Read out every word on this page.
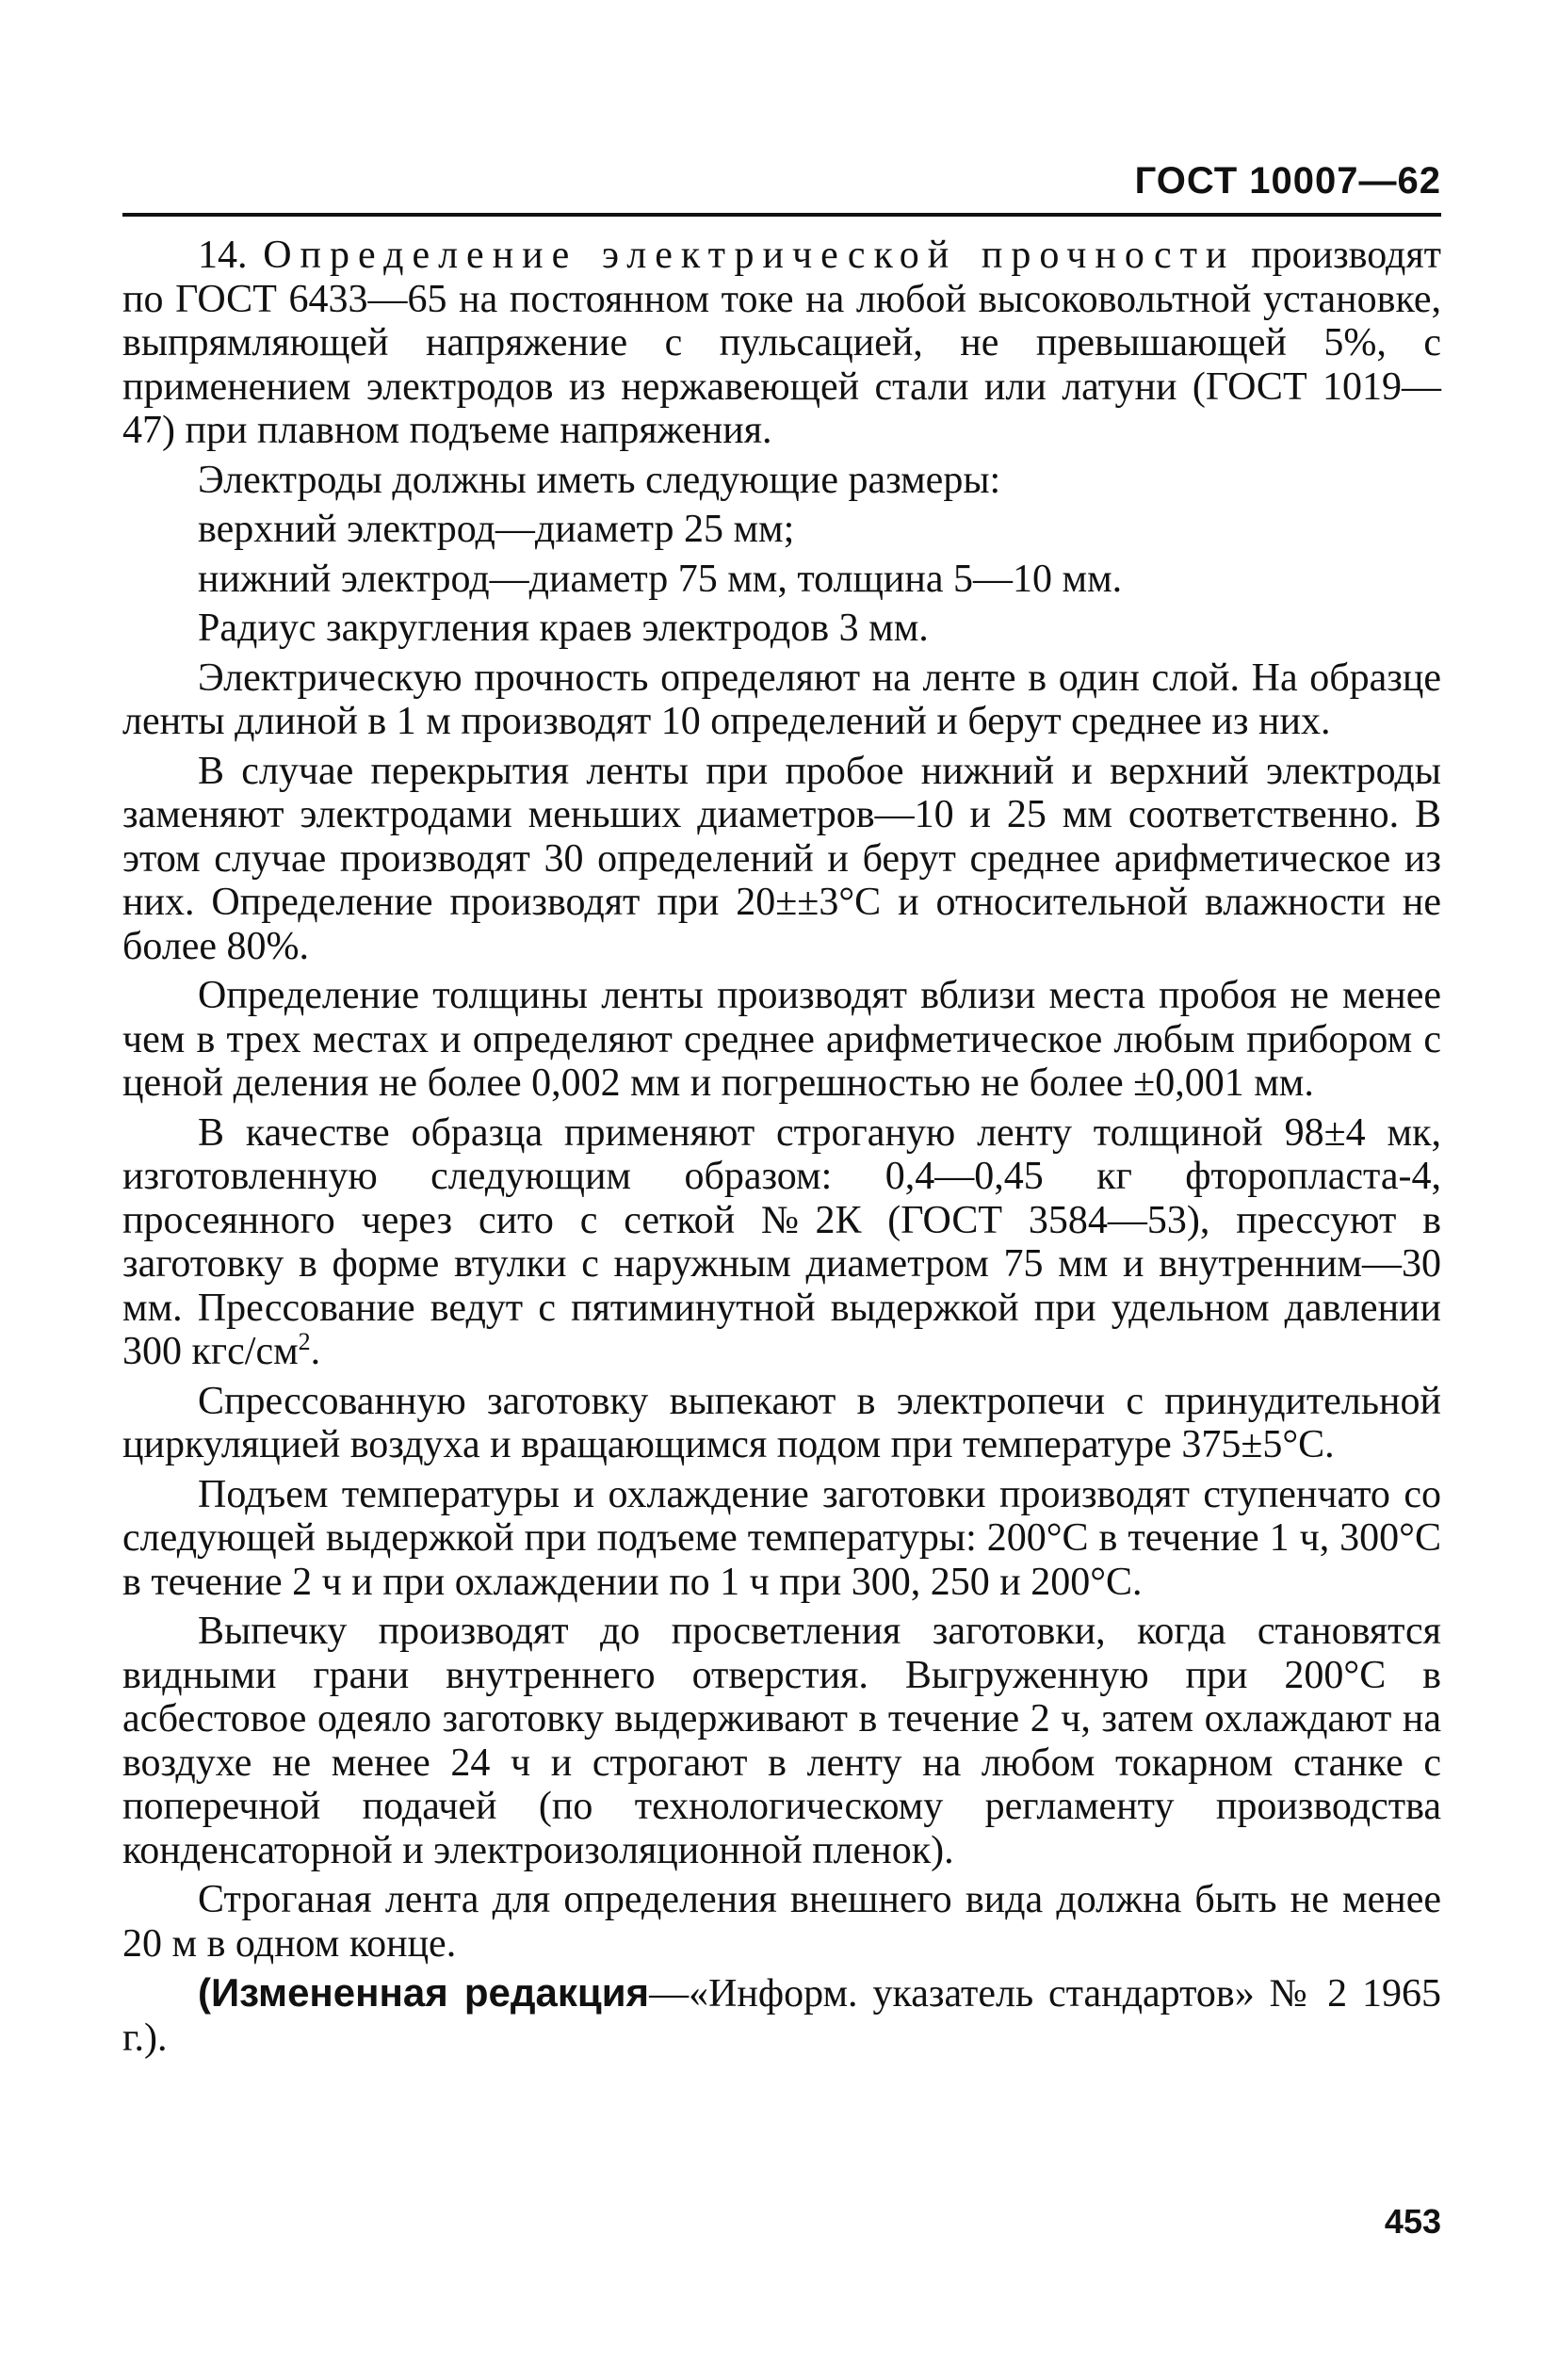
ГОСТ 10007—62

14. Определение электрической прочности производят по ГОСТ 6433—65 на постоянном токе на любой высоковольтной установке, выпрямляющей напряжение с пульсацией, не превышающей 5%, с применением электродов из нержавеющей стали или латуни (ГОСТ 1019—47) при плавном подъеме напряжения.

Электроды должны иметь следующие размеры:

верхний электрод—диаметр 25 мм;

нижний электрод—диаметр 75 мм, толщина 5—10 мм.

Радиус закругления краев электродов 3 мм.

Электрическую прочность определяют на ленте в один слой. На образце ленты длиной в 1 м производят 10 определений и берут среднее из них.

В случае перекрытия ленты при пробое нижний и верхний электроды заменяют электродами меньших диаметров—10 и 25 мм соответственно. В этом случае производят 30 определений и берут среднее арифметическое из них. Определение производят при 20±±3°С и относительной влажности не более 80%.

Определение толщины ленты производят вблизи места пробоя не менее чем в трех местах и определяют среднее арифметическое любым прибором с ценой деления не более 0,002 мм и погрешностью не более ±0,001 мм.

В качестве образца применяют строганую ленту толщиной 98±4 мк, изготовленную следующим образом: 0,4—0,45 кг фторопласта-4, просеянного через сито с сеткой №2К (ГОСТ 3584—53), прессуют в заготовку в форме втулки с наружным диаметром 75 мм и внутренним—30 мм. Прессование ведут с пятиминутной выдержкой при удельном давлении 300 кгс/$см^2$.

Спрессованную заготовку выпекают в электропечи с принудительной циркуляцией воздуха и вращающимся подом при температуре 375±5°С.

Подъем температуры и охлаждение заготовки производят ступенчато со следующей выдержкой при подъеме температуры: 200°С в течение 1 ч, 300°С в течение 2 ч и при охлаждении по 1 ч при 300, 250 и 200°С.

Выпечку производят до просветления заготовки, когда становятся видными грани внутреннего отверстия. Выгруженную при 200°С в асбестовое одеяло заготовку выдерживают в течение 2 ч, затем охлаждают на воздухе не менее 24 ч и строгают в ленту на любом токарном станке с поперечной подачей (по технологическому регламенту производства конденсаторной и электроизоляционной пленок).

Строганая лента для определения внешнего вида должна быть не менее 20 м в одном конце.

(Измененная редакция—«Информ. указатель стандартов» № 2 1965 г.).

453
